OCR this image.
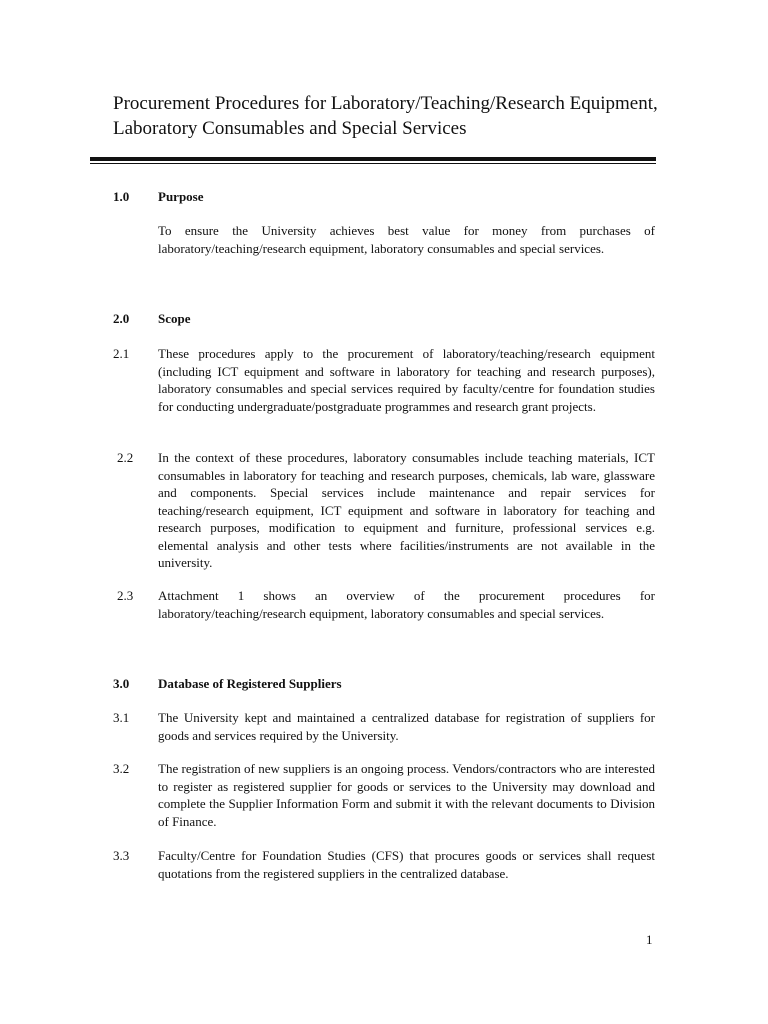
Procurement Procedures for Laboratory/Teaching/Research Equipment, Laboratory Consumables and Special Services
1.0 Purpose
To ensure the University achieves best value for money from purchases of laboratory/teaching/research equipment, laboratory consumables and special services.
2.0 Scope
2.1 These procedures apply to the procurement of laboratory/teaching/research equipment (including ICT equipment and software in laboratory for teaching and research purposes), laboratory consumables and special services required by faculty/centre for foundation studies for conducting undergraduate/postgraduate programmes and research grant projects.
2.2 In the context of these procedures, laboratory consumables include teaching materials, ICT consumables in laboratory for teaching and research purposes, chemicals, lab ware, glassware and components. Special services include maintenance and repair services for teaching/research equipment, ICT equipment and software in laboratory for teaching and research purposes, modification to equipment and furniture, professional services e.g. elemental analysis and other tests where facilities/instruments are not available in the university.
2.3 Attachment 1 shows an overview of the procurement procedures for laboratory/teaching/research equipment, laboratory consumables and special services.
3.0 Database of Registered Suppliers
3.1 The University kept and maintained a centralized database for registration of suppliers for goods and services required by the University.
3.2 The registration of new suppliers is an ongoing process. Vendors/contractors who are interested to register as registered supplier for goods or services to the University may download and complete the Supplier Information Form and submit it with the relevant documents to Division of Finance.
3.3 Faculty/Centre for Foundation Studies (CFS) that procures goods or services shall request quotations from the registered suppliers in the centralized database.
1
